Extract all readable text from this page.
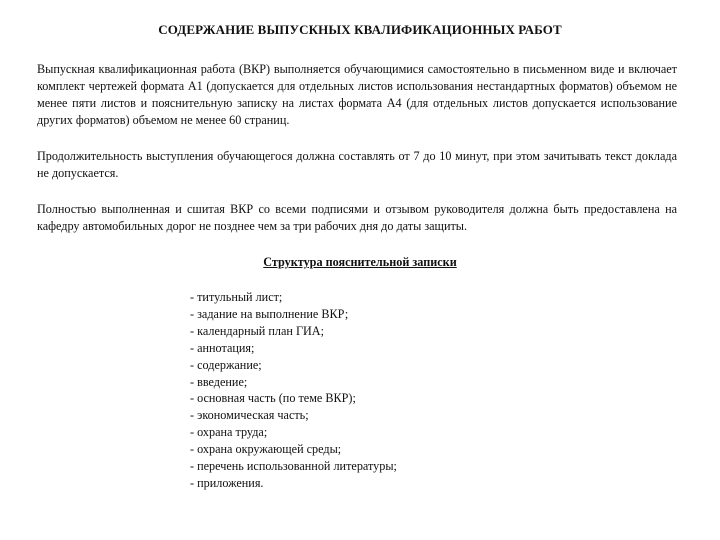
СОДЕРЖАНИЕ ВЫПУСКНЫХ КВАЛИФИКАЦИОННЫХ РАБОТ
Выпускная квалификационная работа (ВКР) выполняется обучающимися самостоятельно в письменном виде и включает комплект чертежей формата А1 (допускается для отдельных листов использования нестандартных форматов) объемом не менее пяти листов и пояснительную записку на листах формата А4 (для отдельных листов допускается использование других форматов) объемом не менее 60 страниц.
Продолжительность выступления обучающегося должна составлять от 7 до 10 минут, при этом зачитывать текст доклада не допускается.
Полностью выполненная и сшитая ВКР со всеми подписями и отзывом руководителя должна быть предоставлена на кафедру автомобильных дорог не позднее чем за три рабочих дня до даты защиты.
Структура пояснительной записки
- титульный лист;
- задание на выполнение ВКР;
- календарный план ГИА;
- аннотация;
- содержание;
- введение;
- основная часть (по теме ВКР);
- экономическая часть;
- охрана труда;
- охрана окружающей среды;
- перечень использованной литературы;
- приложения.
